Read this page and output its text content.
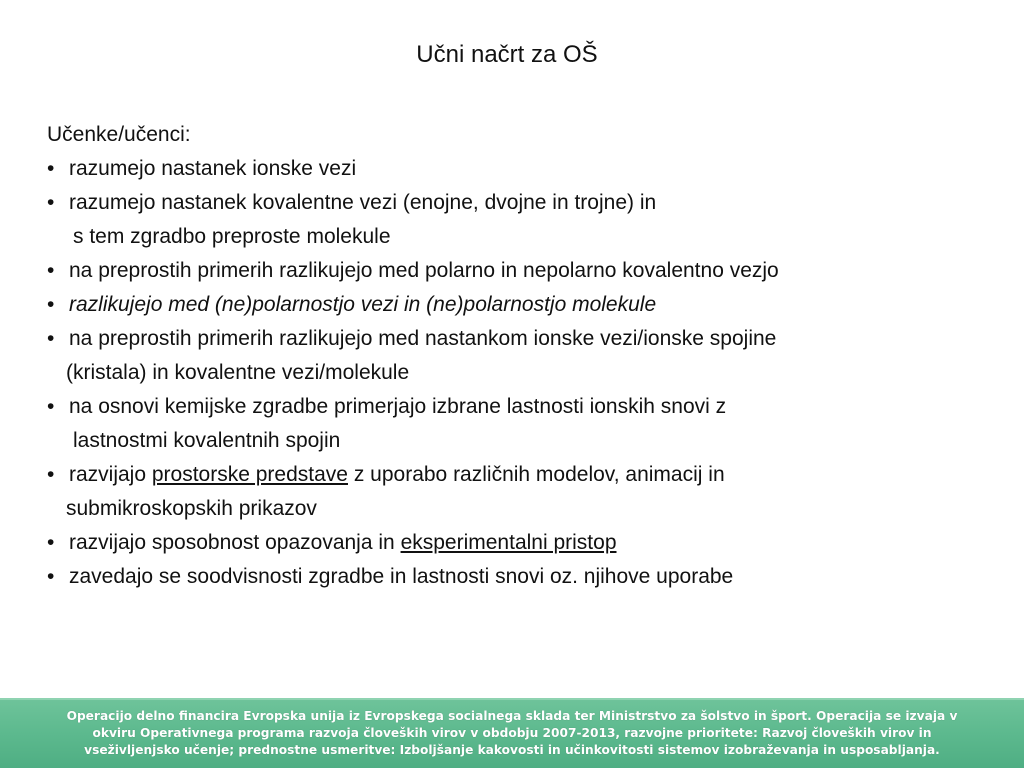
Učni načrt za OŠ
Učenke/učenci:
• razumejo nastanek ionske vezi
• razumejo nastanek kovalentne vezi (enojne, dvojne in trojne) in
s tem zgradbo preproste molekule
• na preprostih primerih razlikujejo med polarno in nepolarno kovalentno vezjo
• razlikujejo med (ne)polarnostjo vezi in (ne)polarnostjo molekule
• na preprostih primerih razlikujejo med nastankom ionske vezi/ionske spojine
(kristala) in kovalentne vezi/molekule
• na osnovi kemijske zgradbe primerjajo izbrane lastnosti ionskih snovi z
lastnostmi kovalentnih spojin
• razvijajo prostorske predstave z uporabo različnih modelov, animacij in
submikroskopskih prikazov
• razvijajo sposobnost opazovanja in eksperimentalni pristop
• zavedajo se soodvisnosti zgradbe in lastnosti snovi oz. njihove uporabe
Operacijo delno financira Evropska unija iz Evropskega socialnega sklada ter Ministrstvo za šolstvo in šport. Operacija se izvaja v
okviru Operativnega programa razvoja človeških virov v obdobju 2007-2013, razvojne prioritete: Razvoj človeških virov in
vseživljenjsko učenje; prednostne usmeritve: Izboljšanje kakovosti in učinkovitosti sistemov izobraževanja in usposabljanja.
